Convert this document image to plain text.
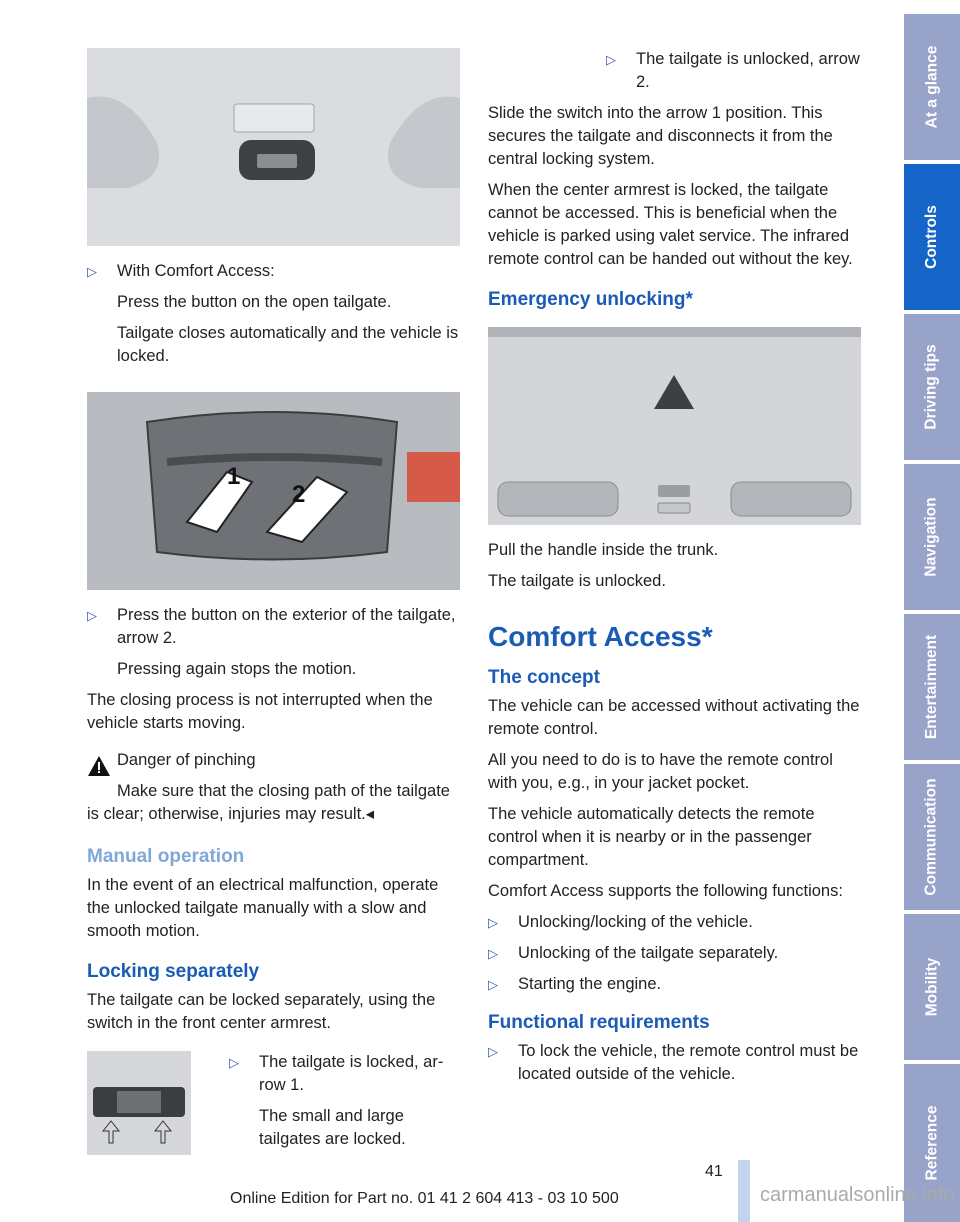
▷ With Comfort Access:

Press the button on the open tailgate.

Tailgate closes automatically and the vehicle is locked.

1
2
▷ Press the button on the exterior of the tailgate, arrow 2.

Pressing again stops the motion.

The closing process is not interrupted when the vehicle starts moving.

Danger of pinching

Make sure that the closing path of the tailgate is clear; otherwise, injuries may result.◂

Manual operation

In the event of an electrical malfunction, operate the unlocked tailgate manually with a slow and smooth motion.

Locking separately

The tailgate can be locked separately, using the switch in the front center armrest.

▷ The tailgate is locked, arrow 1.

The small and large tailgates are locked.

▷ The tailgate is unlocked, arrow 2.

Slide the switch into the arrow 1 position. This secures the tailgate and disconnects it from the central locking system.

When the center armrest is locked, the tailgate cannot be accessed. This is beneficial when the vehicle is parked using valet service. The infrared remote control can be handed out without the key.

Emergency unlocking*

Pull the handle inside the trunk.

The tailgate is unlocked.

Comfort Access*
The concept

The vehicle can be accessed without activating the remote control.

All you need to do is to have the remote control with you, e.g., in your jacket pocket.

The vehicle automatically detects the remote control when it is nearby or in the passenger compartment.

Comfort Access supports the following functions:

▷ Unlocking/locking of the vehicle.
▷ Unlocking of the tailgate separately.
▷ Starting the engine.
Functional requirements
▷ To lock the vehicle, the remote control must be located outside of the vehicle.
At a glance
Controls
Driving tips
Navigation
Entertainment
Communication
Mobility
Reference
41
Online Edition for Part no. 01 41 2 604 413 - 03 10 500	carmanualsonline.info
